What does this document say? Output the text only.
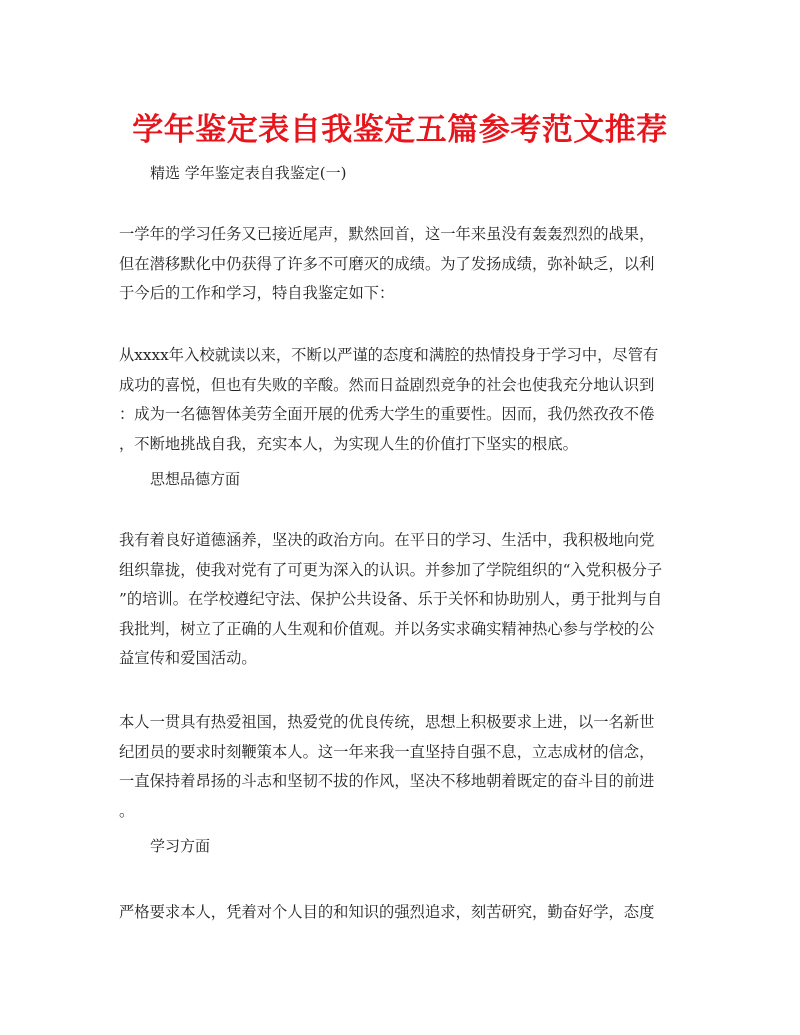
学年鉴定表自我鉴定五篇参考范文推荐
精选 学年鉴定表自我鉴定(一)
一学年的学习任务又已接近尾声，默然回首，这一年来虽没有轰轰烈烈的战果，
但在潜移默化中仍获得了许多不可磨灭的成绩。为了发扬成绩，弥补缺乏，以利
于今后的工作和学习，特自我鉴定如下：
从xxxx年入校就读以来，不断以严谨的态度和满腔的热情投身于学习中，尽管有
成功的喜悦，但也有失败的辛酸。然而日益剧烈竞争的社会也使我充分地认识到
：成为一名德智体美劳全面开展的优秀大学生的重要性。因而，我仍然孜孜不倦
，不断地挑战自我，充实本人，为实现人生的价值打下坚实的根底。
思想品德方面
我有着良好道德涵养，坚决的政治方向。在平日的学习、生活中，我积极地向党
组织靠拢，使我对党有了可更为深入的认识。并参加了学院组织的“入党积极分子
”的培训。在学校遵纪守法、保护公共设备、乐于关怀和协助别人，勇于批判与自
我批判，树立了正确的人生观和价值观。并以务实求确实精神热心参与学校的公
益宣传和爱国活动。
本人一贯具有热爱祖国，热爱党的优良传统，思想上积极要求上进，以一名新世
纪团员的要求时刻鞭策本人。这一年来我一直坚持自强不息，立志成材的信念，
一直保持着昂扬的斗志和坚韧不拔的作风，坚决不移地朝着既定的奋斗目的前进
。
学习方面
严格要求本人，凭着对个人目的和知识的强烈追求，刻苦研究，勤奋好学，态度
